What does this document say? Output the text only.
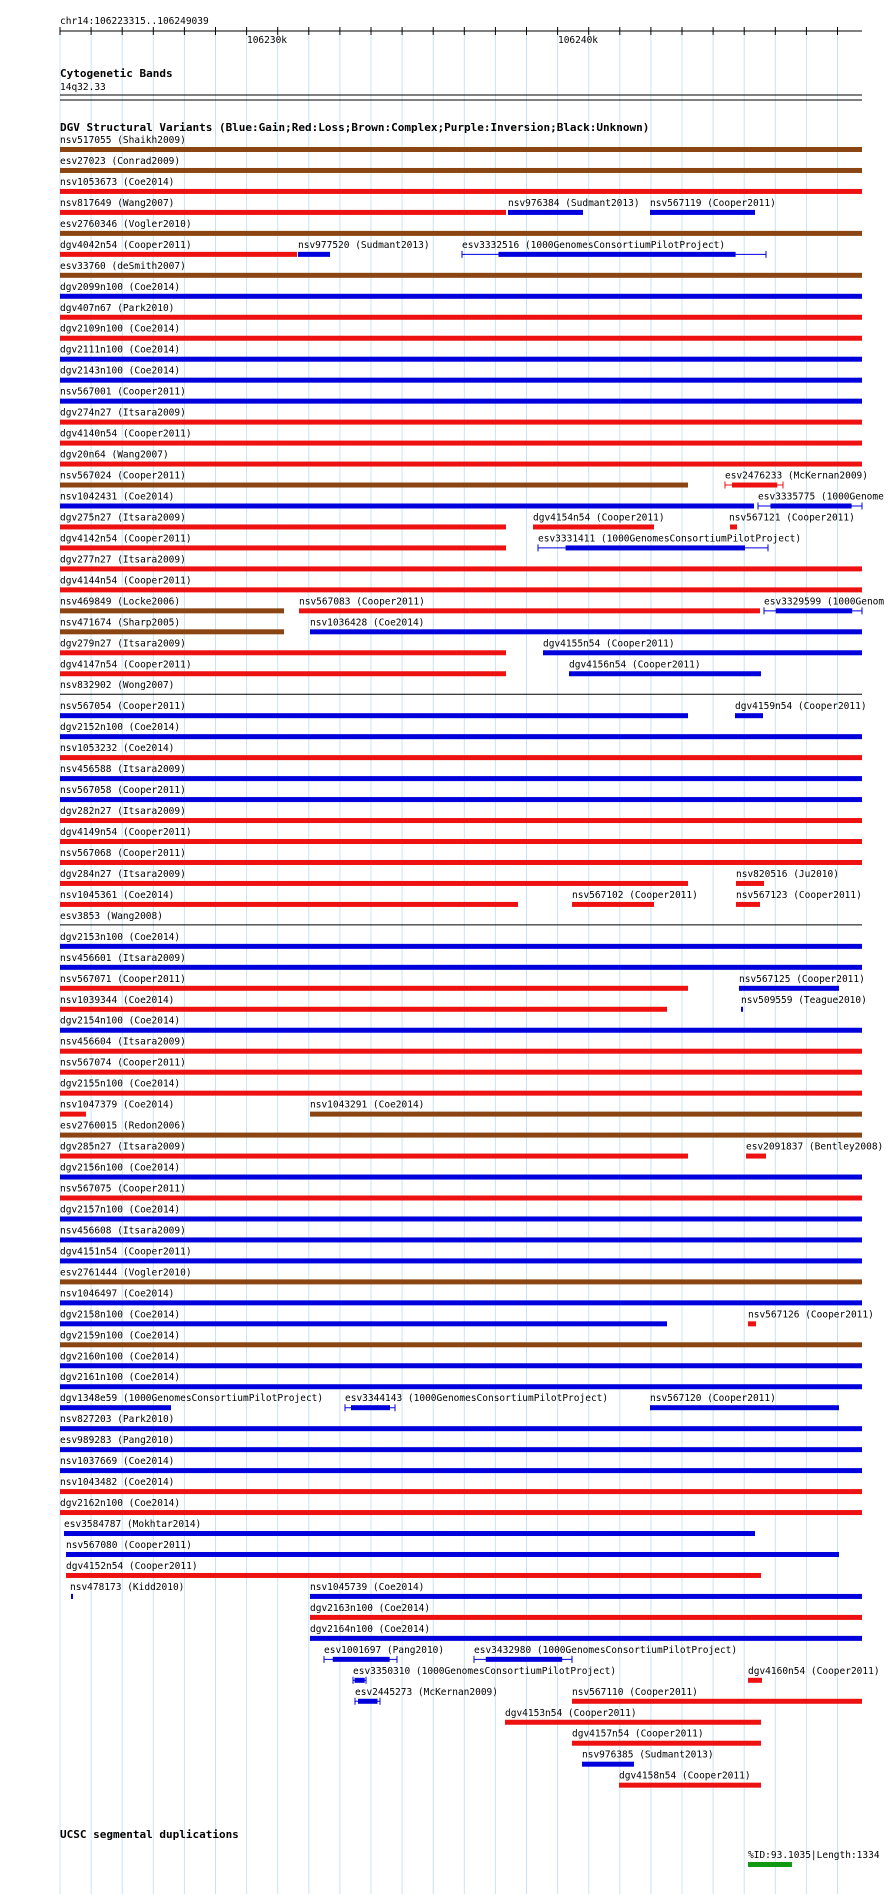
chr14:106223315..106249039
106230k	106240k
Cytogenetic Bands
14q32.33
DGV Structural Variants (Blue:Gain;Red:Loss;Brown:Complex;Purple:Inversion;Black:Unknown)
nsv517055 (Shaikh2009)
esv27023 (Conrad2009)
nsv1053673 (Coe2014)
nsv817649 (Wang2007)	nsv976384 (Sudmant2013) nsv567119 (Cooper2011)
esv2760346 (Vogler2010)
dgv4042n54 (Cooper2011)	nsv977520 (Sudmant2013)	esv3332516 (1000GenomesConsortiumPilotProject)
esv33760 (deSmith2007)
dgv2099n100 (Coe2014)
dgv407n67 (Park2010)
dgv2109n100 (Coe2014)
dgv2111n100 (Coe2014)
dgv2143n100 (Coe2014)
nsv567001 (Cooper2011)
dgv274n27 (Itsara2009)
dgv4140n54 (Cooper2011)
dgv20n64 (Wang2007)
nsv567024 (Cooper2011)	esv2476233 (McKernan2009)
nsv1042431 (Coe2014)	esv3335775 (1000Genome
dgv275n27 (Itsara2009)	dgv4154n54 (Cooper2011)	nsv567121 (Cooper2011)
dgv4142n54 (Cooper2011)	esv3331411 (1000GenomesConsortiumPilotProject)
dgv277n27 (Itsara2009)
dgv4144n54 (Cooper2011)
nsv469849 (Locke2006)	nsv567083 (Cooper2011)	esv3329599 (1000Genom
nsv471674 (Sharp2005)	nsv1036428 (Coe2014)
dgv279n27 (Itsara2009)	dgv4155n54 (Cooper2011)
dgv4147n54 (Cooper2011)	dgv4156n54 (Cooper2011)
nsv832902 (Wong2007)
nsv567054 (Cooper2011)	dgv4159n54 (Cooper2011)
dgv2152n100 (Coe2014)
nsv1053232 (Coe2014)
nsv456588 (Itsara2009)
nsv567058 (Cooper2011)
dgv282n27 (Itsara2009)
dgv4149n54 (Cooper2011)
nsv567068 (Cooper2011)
dgv284n27 (Itsara2009)	nsv820516 (Ju2010)
nsv1045361 (Coe2014)	nsv567102 (Cooper2011)	nsv567123 (Cooper2011)
esv3853 (Wang2008)
dgv2153n100 (Coe2014)
nsv456601 (Itsara2009)
nsv567071 (Cooper2011)	nsv567125 (Cooper2011)
nsv1039344 (Coe2014)	nsv509559 (Teague2010)
dgv2154n100 (Coe2014)
nsv456604 (Itsara2009)
nsv567074 (Cooper2011)
dgv2155n100 (Coe2014)
nsv1047379 (Coe2014)	nsv1043291 (Coe2014)
esv2760015 (Redon2006)
dgv285n27 (Itsara2009)	esv2091837 (Bentley2008)
dgv2156n100 (Coe2014)
nsv567075 (Cooper2011)
dgv2157n100 (Coe2014)
nsv456608 (Itsara2009)
dgv4151n54 (Cooper2011)
esv2761444 (Vogler2010)
nsv1046497 (Coe2014)
dgv2158n100 (Coe2014)	nsv567126 (Cooper2011)
dgv2159n100 (Coe2014)
dgv2160n100 (Coe2014)
dgv2161n100 (Coe2014)
dgv1348e59 (1000GenomesConsortiumPilotProject) esv3344143 (1000GenomesConsortiumPilotProject)	nsv567120 (Cooper2011)
nsv827203 (Park2010)
esv989283 (Pang2010)
nsv1037669 (Coe2014)
nsv1043482 (Coe2014)
dgv2162n100 (Coe2014)
esv3584787 (Mokhtar2014)
nsv567080 (Cooper2011)
dgv4152n54 (Cooper2011)
nsv478173 (Kidd2010)	nsv1045739 (Coe2014)
dgv2163n100 (Coe2014)
dgv2164n100 (Coe2014)
esv1001697 (Pang2010)	esv3432980 (1000GenomesConsortiumPilotProject)
esv3350310 (1000GenomesConsortiumPilotProject)	dgv4160n54 (Cooper2011)
esv2445273 (McKernan2009)	nsv567110 (Cooper2011)
dgv4153n54 (Cooper2011)
dgv4157n54 (Cooper2011)
nsv976385 (Sudmant2013)
dgv4158n54 (Cooper2011)
UCSC segmental duplications
%ID:93.1035|Length:1334
